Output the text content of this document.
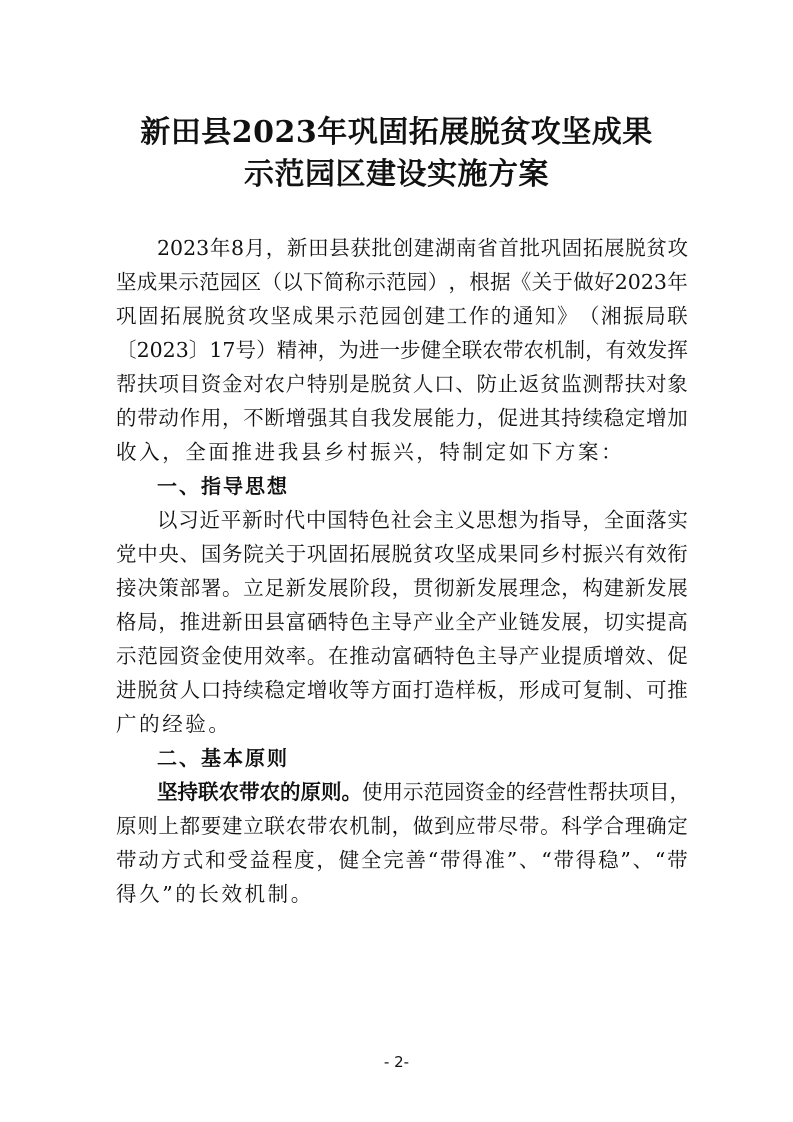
新田县2023年巩固拓展脱贫攻坚成果
示范园区建设实施方案
2023 年 8 月 ， 新 田 县 获 批 创 建 湖 南 省 首 批 巩 固 拓 展 脱 贫 攻
坚 成 果 示 范 园 区 （ 以 下 简 称 示 范 园 ） ， 根 据 《 关 于 做 好 2023 年
巩 固 拓 展 脱 贫 攻 坚 成 果 示 范 园 创 建 工 作 的 通 知 》 （ 湘 振 局 联
〔 2023 〕 17 号 ） 精 神 ， 为 进 一 步 健 全 联 农 带 农 机 制 ， 有 效 发 挥
帮 扶 项 目 资 金 对 农 户 特 别 是 脱 贫 人 口 、 防 止 返 贫 监 测 帮 扶 对 象
的 带 动 作 用 ， 不 断 增 强 其 自 我 发 展 能 力 ， 促 进 其 持 续 稳 定 增 加
收入，全面推进我县乡村振兴，特制定如下方案：
一、指导思想
以 习 近 平 新 时 代 中 国 特 色 社 会 主 义 思 想 为 指 导 ， 全 面 落 实
党 中 央 、 国 务 院 关 于 巩 固 拓 展 脱 贫 攻 坚 成 果 同 乡 村 振 兴 有 效 衔
接 决 策 部 署 。 立 足 新 发 展 阶 段 ， 贯 彻 新 发 展 理 念 ， 构 建 新 发 展
格 局 ， 推 进 新 田 县 富 硒 特 色 主 导 产 业 全 产 业 链 发 展 ， 切 实 提 高
示 范 园 资 金 使 用 效 率 。 在 推 动 富 硒 特 色 主 导 产 业 提 质 增 效 、 促
进 脱 贫 人 口 持 续 稳 定 增 收 等 方 面 打 造 样 板 ， 形 成 可 复 制 、 可 推
广的经验。
二、基本原则
坚 持 联 农 带 农 的 原 则 。 使 用 示 范 园 资 金 的 经 营 性 帮 扶 项 目 ，
原 则 上 都 要 建 立 联 农 带 农 机 制 ， 做 到 应 带 尽 带 。 科 学 合 理 确 定
带 动 方 式 和 受 益 程 度 ， 健 全 完 善 “ 带 得 准 ” 、 “ 带 得 稳 ” 、 “ 带
得久”的长效机制。
- 2-
